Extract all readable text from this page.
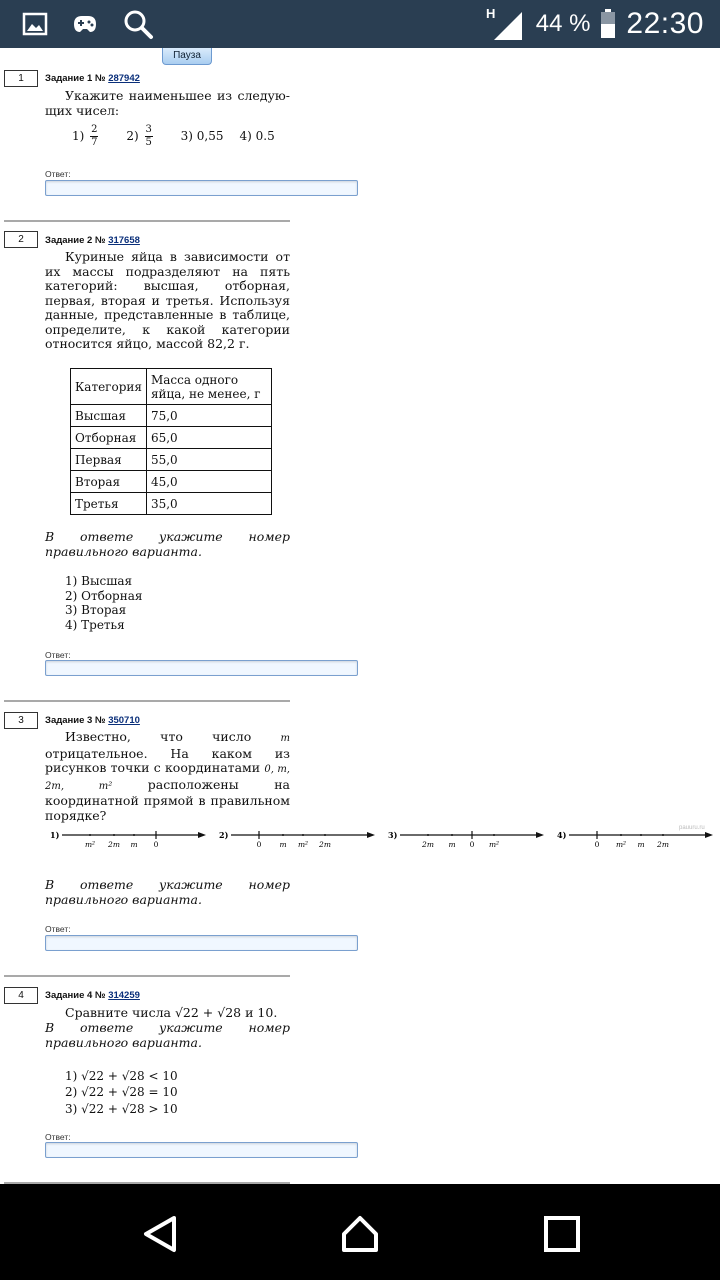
H 44 % 22:30
Пауза
1	Задание 1 № 287942
Укажите наименьшее из следующих чисел:
$1) \frac{2}{7} 2) \frac{3}{5} 3$) 0,55 4) 0.5
Ответ:
2	Задание 2 № 317658
Куриные яйца в зависимости от их массы подразделяют на пять категорий: высшая, отборная, первая, вторая и третья. Используя данные, представленные в таблице, определите, к какой категории относится яйцо, массой 82,2 г.
Категория	Масса одного яйца, не менее, г
Высшая	75,0
Отборная	65,0
Первая	55,0
Вторая	45,0
Третья	35,0
В ответе укажите номер правильного варианта.
1) Высшая
2) Отборная
3) Вторая
4) Третья
Ответ:
3	Задание 3 № 350710
Известно, что число m отрицательное. На каком из рисунков точки с координатами 0, m, 2m, m² расположены на координатной прямой в правильном порядке?
1)
m² 2m m 0
2)
0 m m² 2m
3)
2m m 0 m²
4)
0 m² m 2m
pauuru.ru
В ответе укажите номер правильного варианта.
Ответ:
4	Задание 4 № 314259
Сравните числа √22 + √28 и 10.
В ответе укажите номер правильного варианта.
1) √22 + √28 < 10
2) √22 + √28 = 10
3) √22 + √28 > 10
Ответ:
